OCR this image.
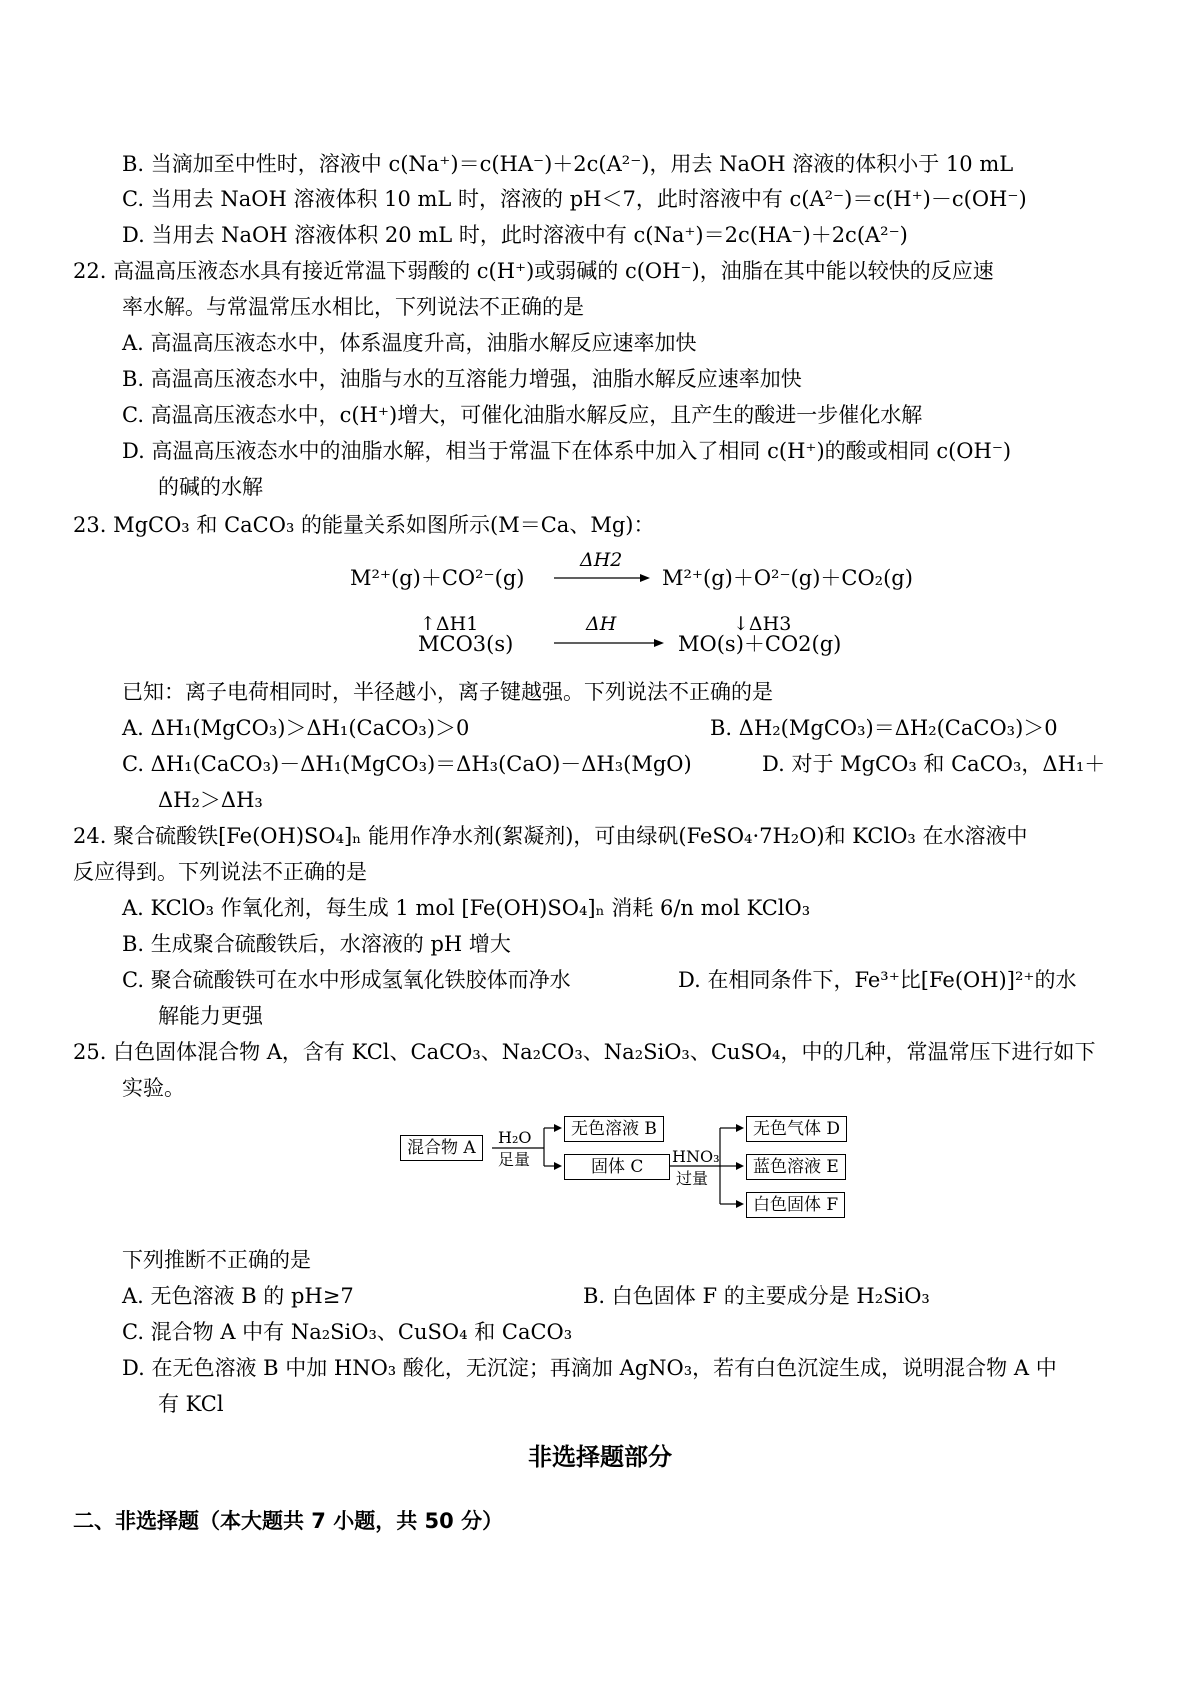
B. 当滴加至中性时，溶液中 c(Na⁺)＝c(HA⁻)＋2c(A²⁻)，用去 NaOH 溶液的体积小于 10 mL
C. 当用去 NaOH 溶液体积 10 mL 时，溶液的 pH＜7，此时溶液中有 c(A²⁻)＝c(H⁺)－c(OH⁻)
D. 当用去 NaOH 溶液体积 20 mL 时，此时溶液中有 c(Na⁺)＝2c(HA⁻)＋2c(A²⁻)
22. 高温高压液态水具有接近常温下弱酸的 c(H⁺)或弱碱的 c(OH⁻)，油脂在其中能以较快的反应速
率水解。与常温常压水相比，下列说法不正确的是
A. 高温高压液态水中，体系温度升高，油脂水解反应速率加快
B. 高温高压液态水中，油脂与水的互溶能力增强，油脂水解反应速率加快
C. 高温高压液态水中，c(H⁺)增大，可催化油脂水解反应，且产生的酸进一步催化水解
D. 高温高压液态水中的油脂水解，相当于常温下在体系中加入了相同 c(H⁺)的酸或相同 c(OH⁻)
的碱的水解
23. MgCO₃ 和 CaCO₃ 的能量关系如图所示(M＝Ca、Mg)：
M²⁺(g)＋CO²⁻(g)
ΔH2
M²⁺(g)＋O²⁻(g)＋CO₂(g)
↑ΔH1	↓ΔH3
MCO3(s)
ΔH
MO(s)＋CO2(g)
已知：离子电荷相同时，半径越小，离子键越强。下列说法不正确的是
A. ΔH₁(MgCO₃)＞ΔH₁(CaCO₃)＞0	B. ΔH₂(MgCO₃)＝ΔH₂(CaCO₃)＞0
C. ΔH₁(CaCO₃)－ΔH₁(MgCO₃)＝ΔH₃(CaO)－ΔH₃(MgO)	D. 对于 MgCO₃ 和 CaCO₃，ΔH₁＋
ΔH₂＞ΔH₃
24. 聚合硫酸铁[Fe(OH)SO₄]ₙ 能用作净水剂(絮凝剂)，可由绿矾(FeSO₄·7H₂O)和 KClO₃ 在水溶液中
反应得到。下列说法不正确的是
A. KClO₃ 作氧化剂，每生成 1 mol [Fe(OH)SO₄]ₙ 消耗 6/n mol KClO₃
B. 生成聚合硫酸铁后，水溶液的 pH 增大
C. 聚合硫酸铁可在水中形成氢氧化铁胶体而净水	D. 在相同条件下，Fe³⁺比[Fe(OH)]²⁺的水
解能力更强
25. 白色固体混合物 A，含有 KCl、CaCO₃、Na₂CO₃、Na₂SiO₃、CuSO₄，中的几种，常温常压下进行如下
实验。
混合物 A
H₂O
足量
无色溶液 B
固体 C
HNO₃
过量
无色气体 D
蓝色溶液 E
白色固体 F
下列推断不正确的是
A. 无色溶液 B 的 pH≥7	B. 白色固体 F 的主要成分是 H₂SiO₃
C. 混合物 A 中有 Na₂SiO₃、CuSO₄ 和 CaCO₃
D. 在无色溶液 B 中加 HNO₃ 酸化，无沉淀；再滴加 AgNO₃，若有白色沉淀生成，说明混合物 A 中
有 KCl
非选择题部分
二、非选择题（本大题共 7 小题，共 50 分）
